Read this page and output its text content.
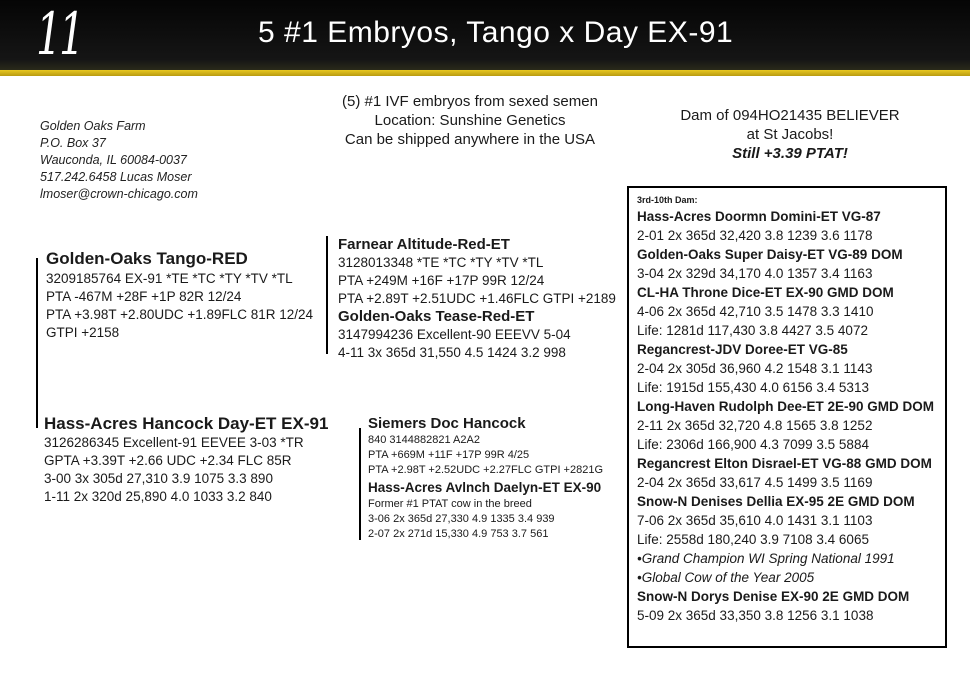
11	5 #1 Embryos, Tango x Day EX-91
Golden Oaks Farm
P.O. Box 37
Wauconda, IL 60084-0037
517.242.6458 Lucas Moser
lmoser@crown-chicago.com
(5) #1 IVF embryos from sexed semen
Location: Sunshine Genetics
Can be shipped anywhere in the USA
Dam of 094HO21435 BELIEVER
at St Jacobs!
Still +3.39 PTAT!
Golden-Oaks Tango-RED
3209185764 EX-91 *TE *TC *TY *TV *TL
PTA -467M +28F +1P 82R 12/24
PTA +3.98T +2.80UDC +1.89FLC 81R 12/24
GTPI +2158
Farnear Altitude-Red-ET
3128013348 *TE *TC *TY *TV *TL
PTA +249M +16F +17P 99R 12/24
PTA +2.89T +2.51UDC +1.46FLC GTPI +2189
Golden-Oaks Tease-Red-ET
3147994236 Excellent-90 EEEVV 5-04
4-11 3x 365d 31,550 4.5 1424 3.2 998
Hass-Acres Hancock Day-ET EX-91
3126286345 Excellent-91 EEVEE 3-03 *TR
GPTA +3.39T +2.66 UDC +2.34 FLC 85R
3-00 3x 305d 27,310 3.9 1075 3.3 890
1-11 2x 320d 25,890 4.0 1033 3.2 840
Siemers Doc Hancock
840 3144882821 A2A2
PTA +669M +11F +17P 99R 4/25
PTA +2.98T +2.52UDC +2.27FLC GTPI +2821G
Hass-Acres Avlnch Daelyn-ET EX-90
Former #1 PTAT cow in the breed
3-06 2x 365d 27,330 4.9 1335 3.4 939
2-07 2x 271d 15,330 4.9 753 3.7 561
3rd-10th Dam:
Hass-Acres Doormn Domini-ET VG-87
2-01 2x 365d 32,420 3.8 1239 3.6 1178
Golden-Oaks Super Daisy-ET VG-89 DOM
3-04 2x 329d 34,170 4.0 1357 3.4 1163
CL-HA Throne Dice-ET EX-90 GMD DOM
4-06 2x 365d 42,710 3.5 1478 3.3 1410
Life: 1281d 117,430 3.8 4427 3.5 4072
Regancrest-JDV Doree-ET VG-85
2-04 2x 305d 36,960 4.2 1548 3.1 1143
Life: 1915d 155,430 4.0 6156 3.4 5313
Long-Haven Rudolph Dee-ET 2E-90 GMD DOM
2-11 2x 365d 32,720 4.8 1565 3.8 1252
Life: 2306d 166,900 4.3 7099 3.5 5884
Regancrest Elton Disrael-ET VG-88 GMD DOM
2-04 2x 365d 33,617 4.5 1499 3.5 1169
Snow-N Denises Dellia EX-95 2E GMD DOM
7-06 2x 365d 35,610 4.0 1431 3.1 1103
Life: 2558d 180,240 3.9 7108 3.4 6065
•Grand Champion WI Spring National 1991
•Global Cow of the Year 2005
Snow-N Dorys Denise EX-90 2E GMD DOM
5-09 2x 365d 33,350 3.8 1256 3.1 1038
